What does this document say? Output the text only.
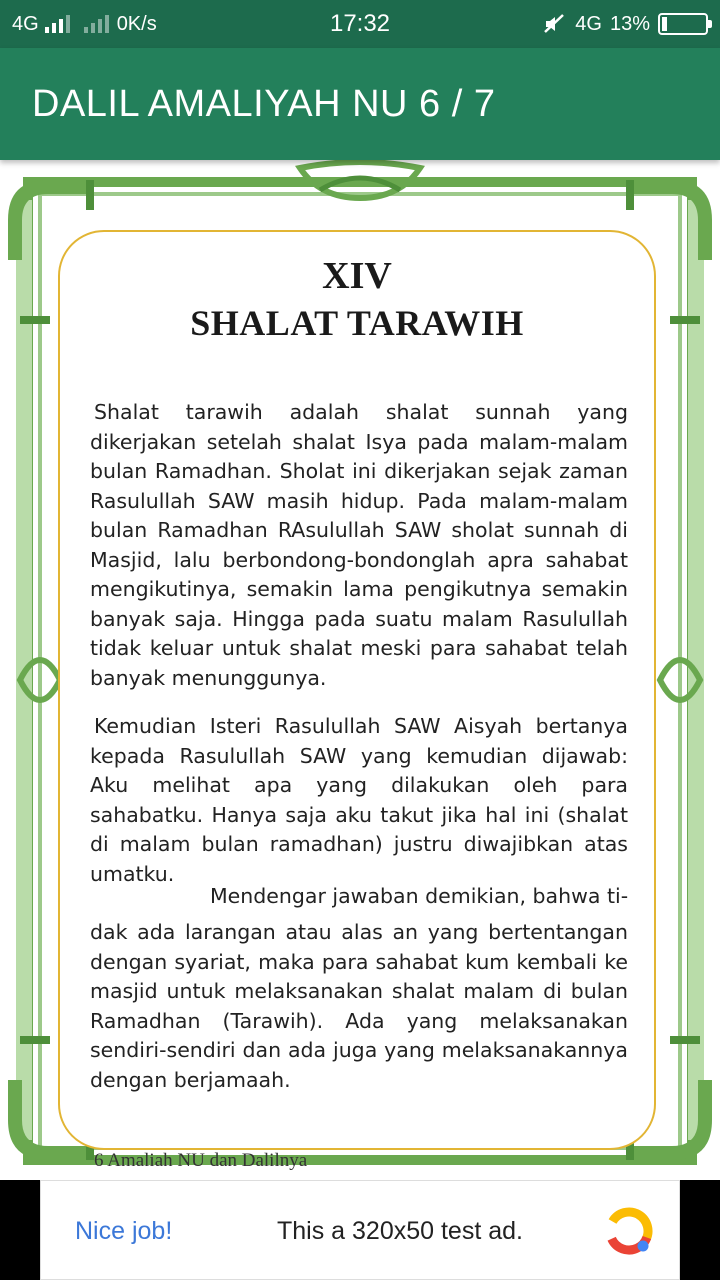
4G	0K/s	17:32	4G 13%
DALIL AMALIYAH NU 6 / 7
XIV
SHALAT TARAWIH
Shalat tarawih adalah shalat sunnah yang dikerjakan setelah shalat Isya pada malam-malam bulan Ramadhan. Sholat ini dikerjakan sejak zaman Rasulullah SAW masih hidup. Pada malam-malam bulan Ramadhan RAsulullah SAW sholat sunnah di Masjid, lalu berbondong-bondonglah apra sahabat mengikutinya, semakin lama pengikutnya semakin banyak saja. Hingga pada suatu malam Rasulullah tidak keluar untuk shalat meski para sahabat telah banyak menunggunya.
Kemudian Isteri Rasulullah SAW Aisyah bertanya kepada Rasulullah SAW yang kemudian dijawab: Aku melihat apa yang dilakukan oleh para sahabatku. Hanya saja aku takut jika hal ini (shalat di malam bulan ramadhan) justru diwajibkan atas umatku.
Mendengar jawaban demikian, bahwa ti-
dak ada larangan atau alas an yang bertentangan dengan syariat, maka para sahabat kum kembali ke masjid untuk melaksanakan shalat malam di bulan Ramadhan (Tarawih). Ada yang melaksanakan sendiri-sendiri dan ada juga yang melaksanakannya dengan berjamaah.
6 Amaliah NU dan Dalilnya
Nice job!	This a 320x50 test ad.
